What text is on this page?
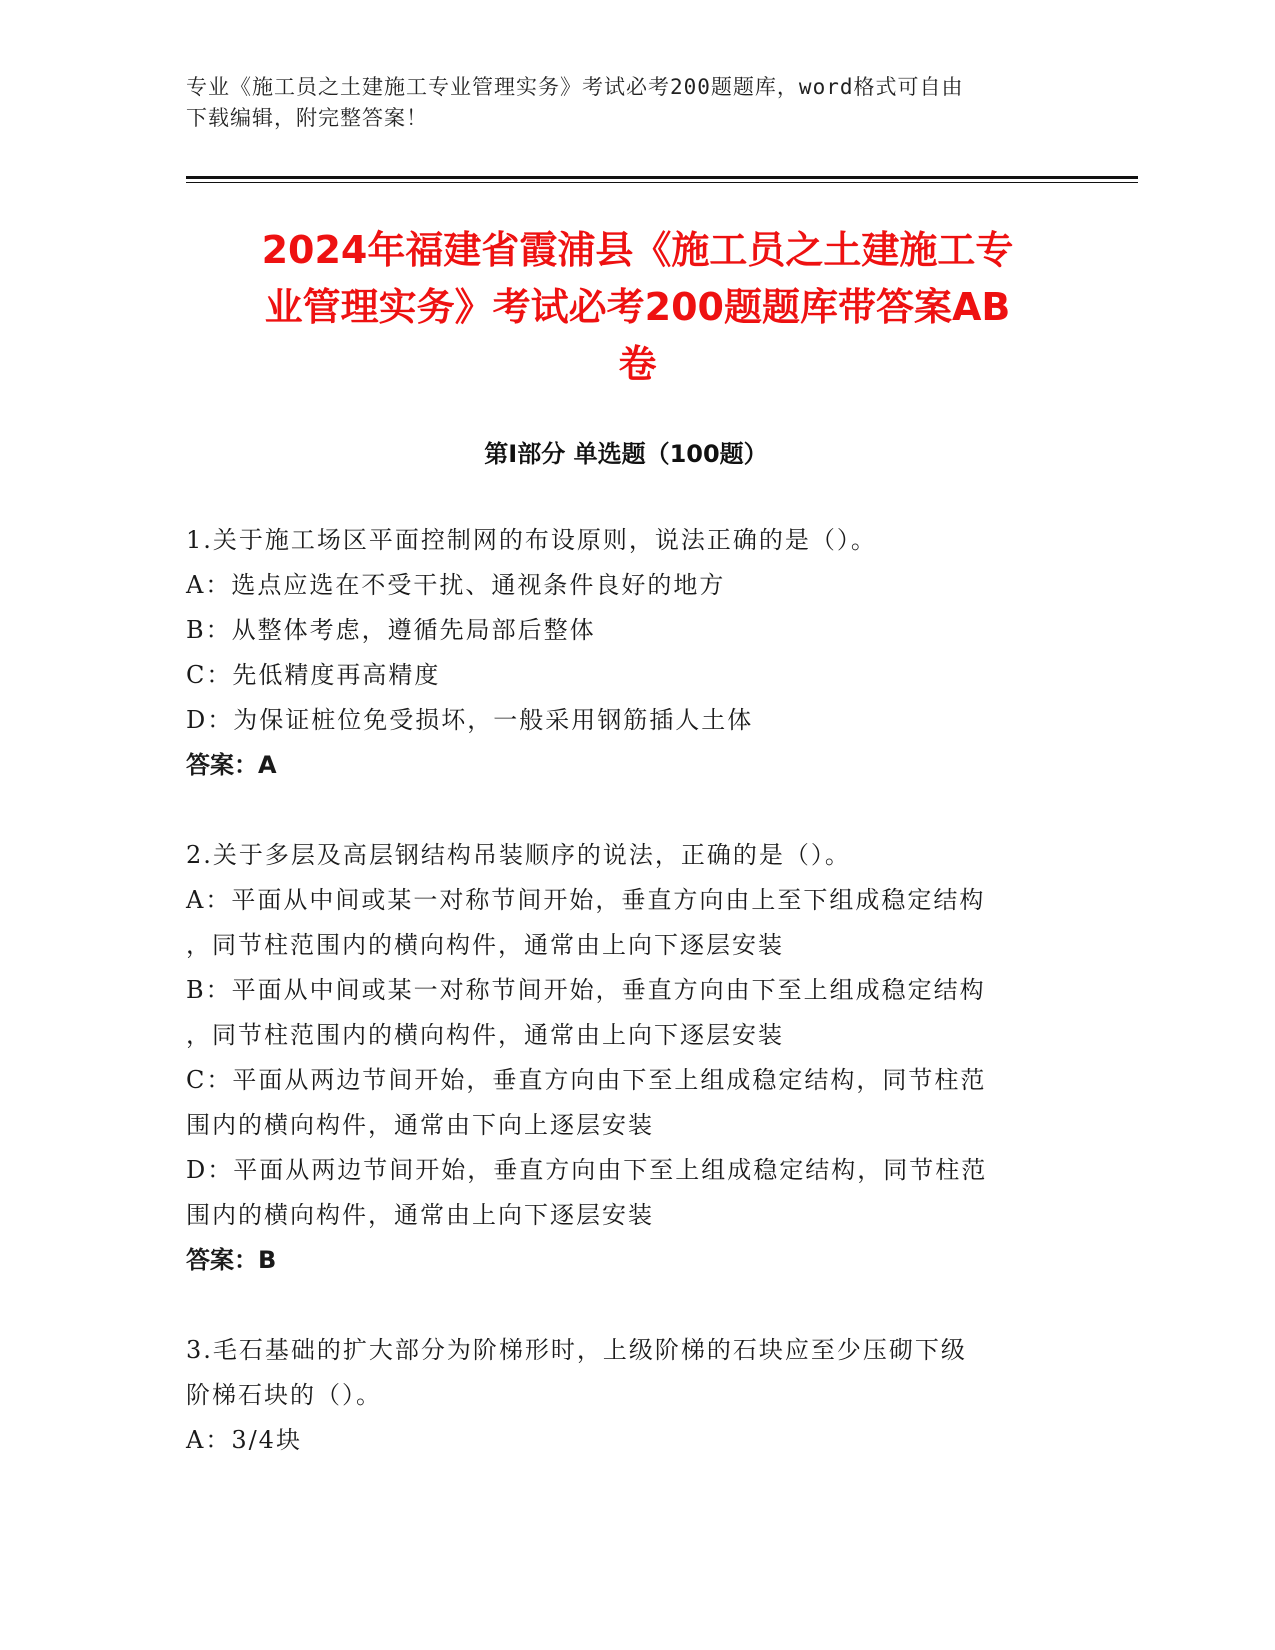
专业《施工员之土建施工专业管理实务》考试必考200题题库，word格式可自由
下载编辑，附完整答案！
2024年福建省霞浦县《施工员之土建施工专
业管理实务》考试必考200题题库带答案AB
卷
第Ⅰ部分 单选题（100题）

1.关于施工场区平面控制网的布设原则，说法正确的是（）。

A：选点应选在不受干扰、通视条件良好的地方

B：从整体考虑，遵循先局部后整体

C：先低精度再高精度

D：为保证桩位免受损坏，一般采用钢筋插人土体

答案：A

2.关于多层及高层钢结构吊装顺序的说法，正确的是（）。

A：平面从中间或某一对称节间开始，垂直方向由上至下组成稳定结构

，同节柱范围内的横向构件，通常由上向下逐层安装

B：平面从中间或某一对称节间开始，垂直方向由下至上组成稳定结构

，同节柱范围内的横向构件，通常由上向下逐层安装

C：平面从两边节间开始，垂直方向由下至上组成稳定结构，同节柱范

围内的横向构件，通常由下向上逐层安装

D：平面从两边节间开始，垂直方向由下至上组成稳定结构，同节柱范

围内的横向构件，通常由上向下逐层安装

答案：B

3.毛石基础的扩大部分为阶梯形时，上级阶梯的石块应至少压砌下级

阶梯石块的（）。

A：3/4块
